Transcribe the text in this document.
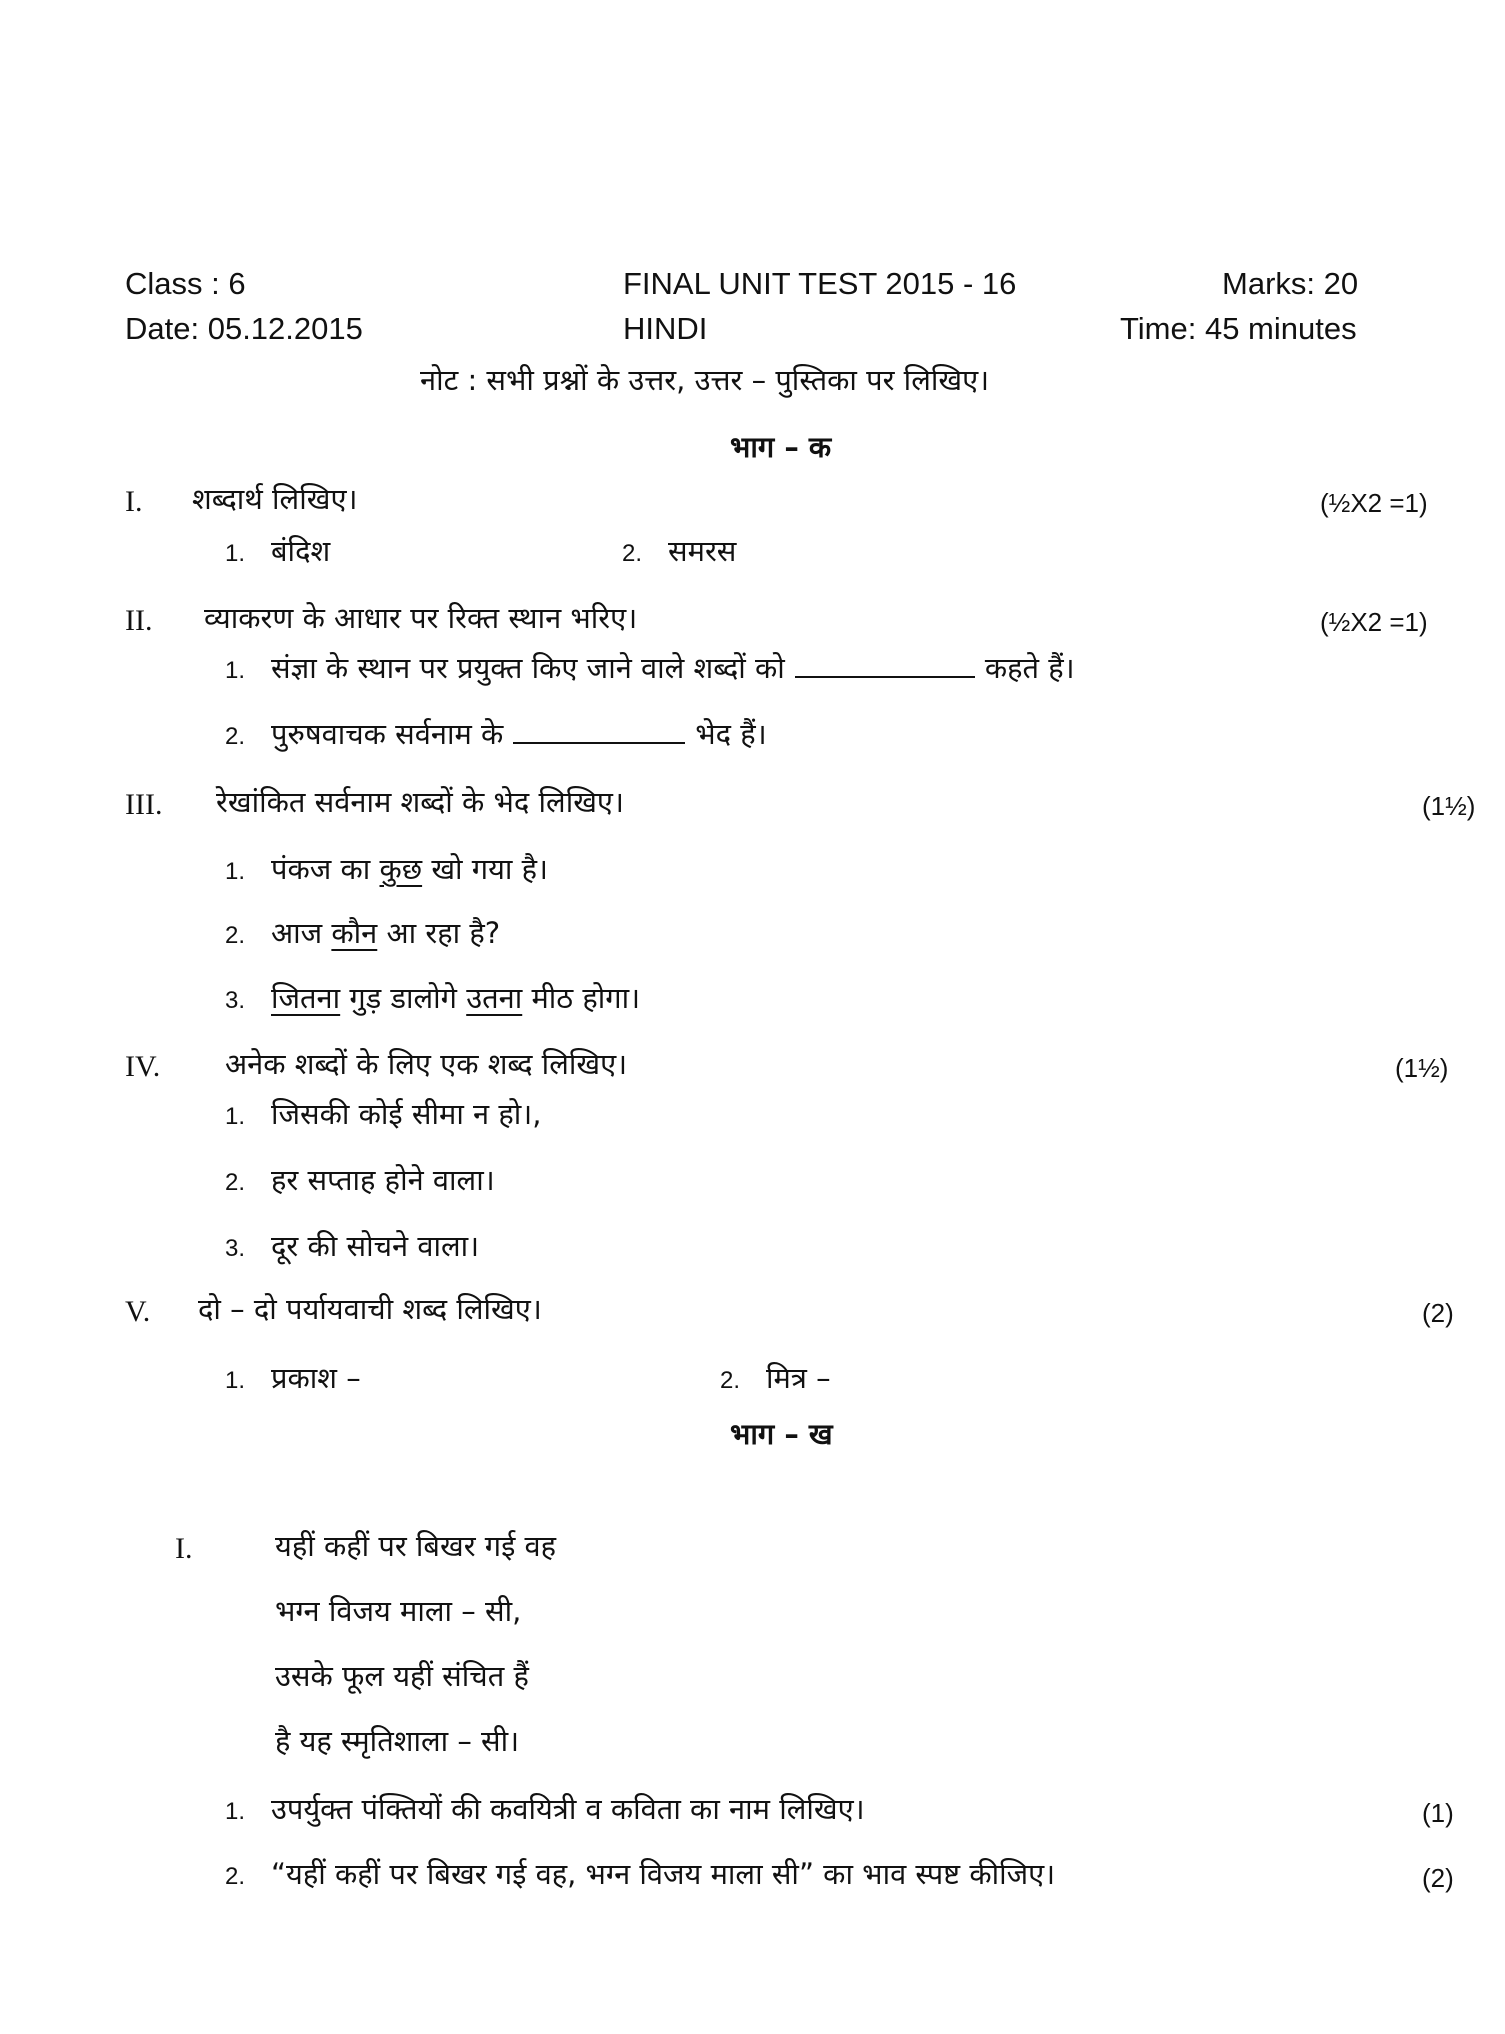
Class : 6	FINAL UNIT TEST 2015 - 16	Marks: 20
Date: 05.12.2015	HINDI	Time: 45 minutes
नोट : सभी प्रश्नों के उत्तर, उत्तर – पुस्तिका पर लिखिए।
भाग – क
I. शब्दार्थ लिखिए।	(½X2 =1)
1. बंदिश	2. समरस
II. व्याकरण के आधार पर रिक्त स्थान भरिए।	(½X2 =1)
1. संज्ञा के स्थान पर प्रयुक्त किए जाने वाले शब्दों को	कहते हैं।
2. पुरुषवाचक सर्वनाम के	भेद हैं।
III. रेखांकित सर्वनाम शब्दों के भेद लिखिए।	(1½)
1. पंकज का कुछ खो गया है।
2. आज कौन आ रहा है?
3. जितना गुड़ डालोगे उतना मीठ होगा।
IV. अनेक शब्दों के लिए एक शब्द लिखिए।	(1½)
1. जिसकी कोई सीमा न हो।,
2. हर सप्ताह होने वाला।
3. दूर की सोचने वाला।
V. दो – दो पर्यायवाची शब्द लिखिए।	(2)
1. प्रकाश –	2. मित्र –
भाग – ख
I.	यहीं कहीं पर बिखर गई वह
भग्न विजय माला – सी,
उसके फूल यहीं संचित हैं
है यह स्मृतिशाला – सी।
1. उपर्युक्त पंक्तियों की कवयित्री व कविता का नाम लिखिए।	(1)
2. “यहीं कहीं पर बिखर गई वह, भग्न विजय माला सी” का भाव स्पष्ट कीजिए।	(2)
